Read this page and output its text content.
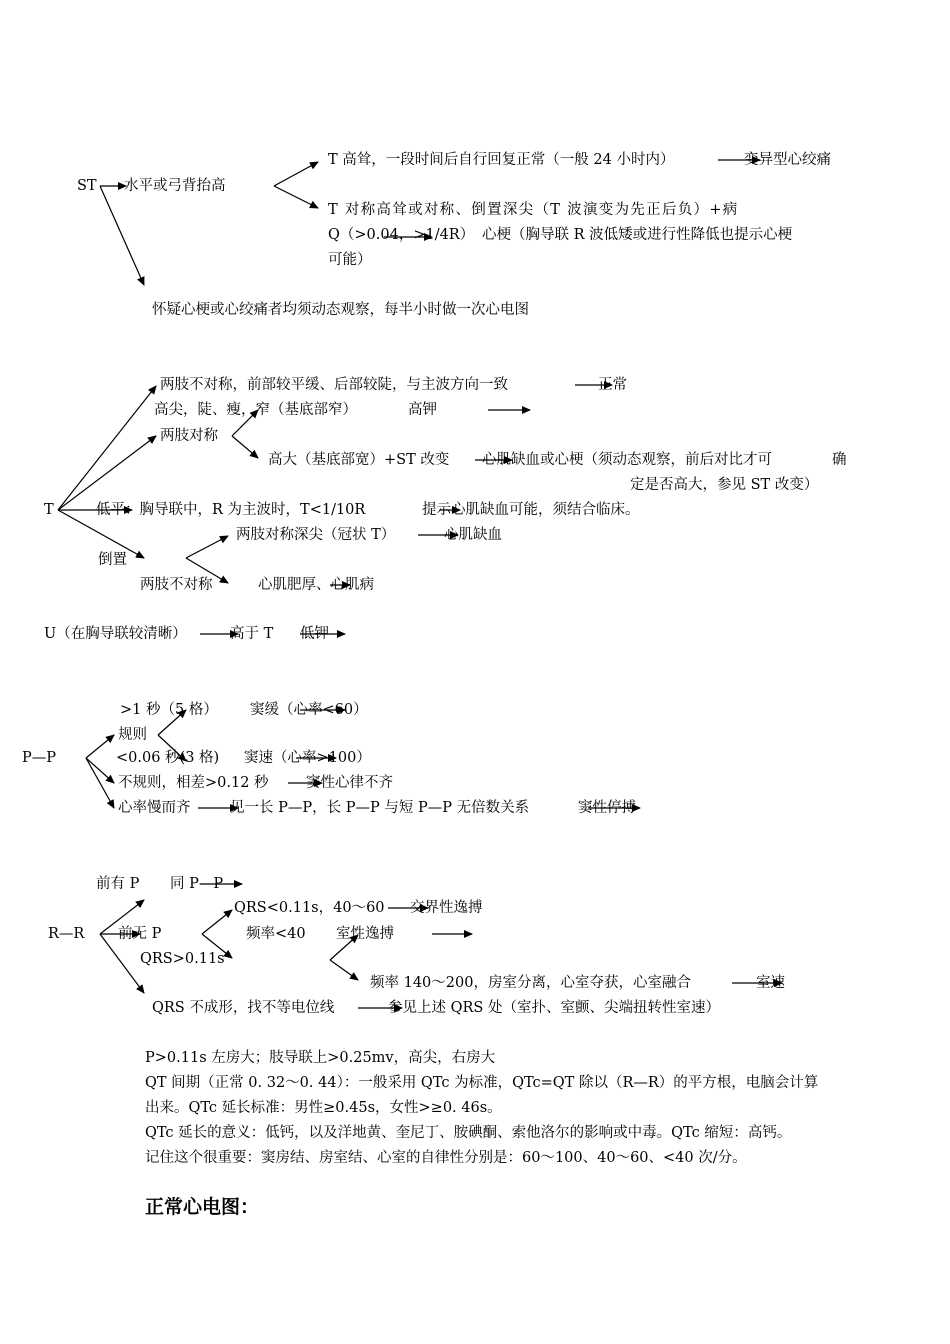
ST 水平或弓背抬高
T 高耸，一段时间后自行回复正常（一般 24 小时内）	变异型心绞痛
T 对称高耸或对称、倒置深尖（T 波演变为先正后负）+病
Q（>0.04，>1/4R） 心梗（胸导联 R 波低矮或进行性降低也提示心梗
可能）
怀疑心梗或心绞痛者均须动态观察，每半小时做一次心电图
T
两肢不对称，前部较平缓、后部较陡，与主波方向一致	正常
高尖，陡、瘦，窄（基底部窄）	高钾
两肢对称
高大（基底部宽）+ST 改变 心肌缺血或心梗（须动态观察，前后对比才可	确
定是否高大，参见 ST 改变）
低平：胸导联中，R 为主波时，T<1/10R	提示心肌缺血可能，须结合临床。
两肢对称深尖（冠状 T）	心肌缺血
倒置
两肢不对称	心肌肥厚、心肌病
U（在胸导联较清晰）	高于 T 低钾
P—P
>1 秒（5 格） 窦缓（心率<60）
规则
<0.06 秒(3 格) 窦速（心率>100）
不规则，相差>0.12 秒	窦性心律不齐
心率慢而齐	见一长 P—P，长 P—P 与短 P—P 无倍数关系	窦性停搏
R—R
前有 P 同 P—P
QRS<0.11s，40～60 交界性逸搏
前无 P	频率<40 室性逸搏
QRS>0.11s
频率 140～200，房室分离，心室夺获，心室融合	室速
QRS 不成形，找不等电位线	参见上述 QRS 处（室扑、室颤、尖端扭转性室速）
P>0.11s 左房大；肢导联上>0.25mv，高尖，右房大
QT 间期（正常 0. 32～0. 44）：一般采用 QTc 为标准，QTc=QT 除以（R—R）的平方根，电脑会计算
出来。QTc 延长标准：男性≥0.45s，女性>≥0. 46s。
QTc 延长的意义：低钙，以及洋地黄、奎尼丁、胺碘酮、索他洛尔的影响或中毒。QTc 缩短：高钙。
记住这个很重要：窦房结、房室结、心室的自律性分别是：60～100、40～60、<40 次/分。
正常心电图：
